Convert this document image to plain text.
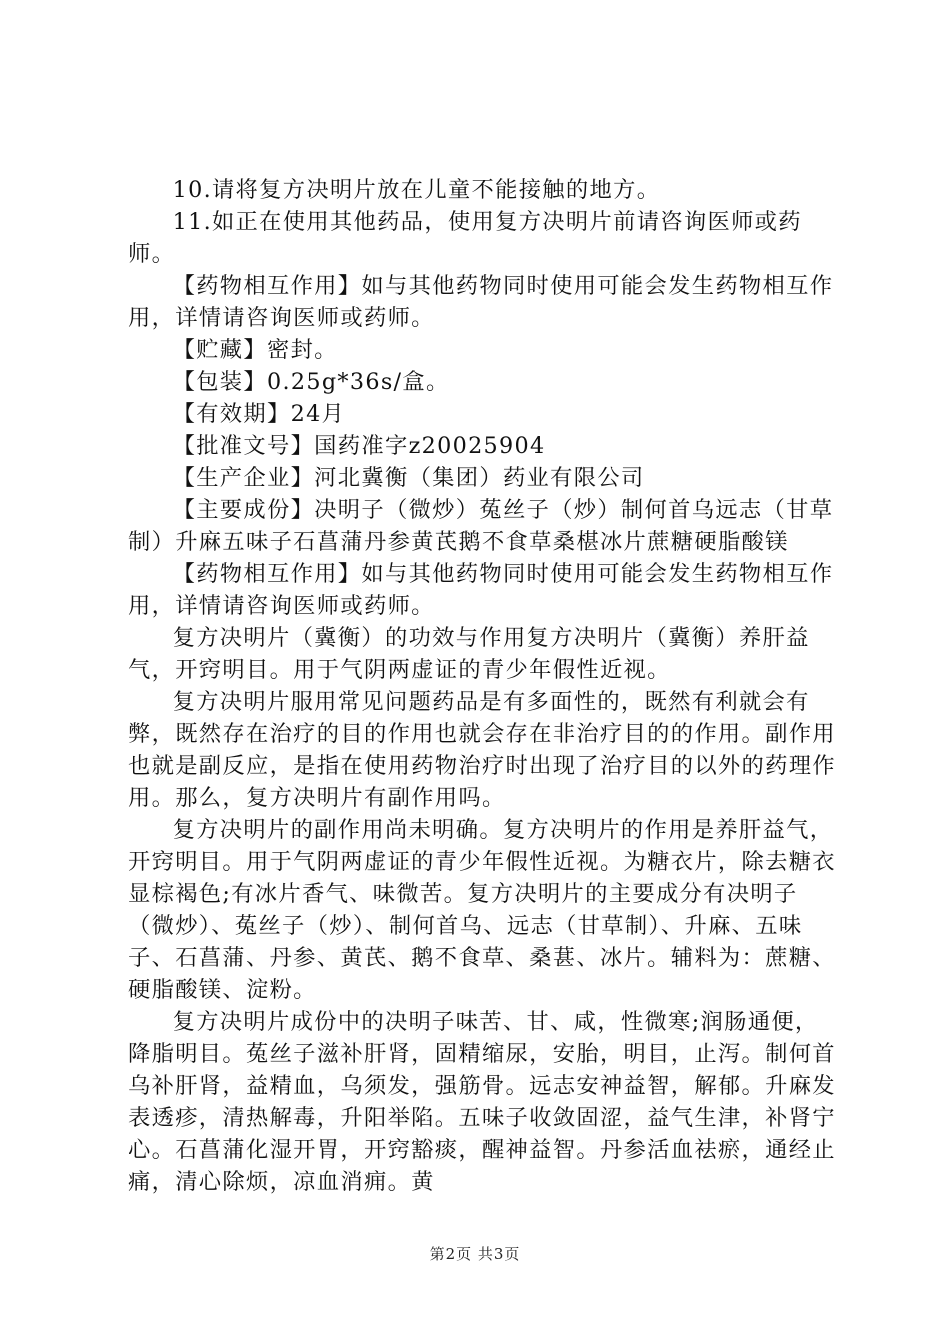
10.请将复方决明片放在儿童不能接触的地方。

11.如正在使用其他药品，使用复方决明片前请咨询医师或药师。

【药物相互作用】如与其他药物同时使用可能会发生药物相互作用，详情请咨询医师或药师。

【贮藏】密封。

【包装】0.25g*36s/盒。

【有效期】24月

【批准文号】国药准字z20025904

【生产企业】河北冀衡（集团）药业有限公司

【主要成份】决明子（微炒）菟丝子（炒）制何首乌远志（甘草制）升麻五味子石菖蒲丹参黄芪鹅不食草桑椹冰片蔗糖硬脂酸镁

【药物相互作用】如与其他药物同时使用可能会发生药物相互作用，详情请咨询医师或药师。

复方决明片（冀衡）的功效与作用复方决明片（冀衡）养肝益气，开窍明目。用于气阴两虚证的青少年假性近视。

复方决明片服用常见问题药品是有多面性的，既然有利就会有弊，既然存在治疗的目的作用也就会存在非治疗目的的作用。副作用也就是副反应，是指在使用药物治疗时出现了治疗目的以外的药理作用。那么，复方决明片有副作用吗。

复方决明片的副作用尚未明确。复方决明片的作用是养肝益气，开窍明目。用于气阴两虚证的青少年假性近视。为糖衣片，除去糖衣显棕褐色;有冰片香气、味微苦。复方决明片的主要成分有决明子（微炒）、菟丝子（炒）、制何首乌、远志（甘草制）、升麻、五味子、石菖蒲、丹参、黄芪、鹅不食草、桑葚、冰片。辅料为：蔗糖、硬脂酸镁、淀粉。

复方决明片成份中的决明子味苦、甘、咸，性微寒;润肠通便，降脂明目。菟丝子滋补肝肾，固精缩尿，安胎，明目，止泻。制何首乌补肝肾，益精血，乌须发，强筋骨。远志安神益智，解郁。升麻发表透疹，清热解毒，升阳举陷。五味子收敛固涩，益气生津，补肾宁心。石菖蒲化湿开胃，开窍豁痰，醒神益智。丹参活血祛瘀，通经止痛，清心除烦，凉血消痈。黄

第2页 共3页
